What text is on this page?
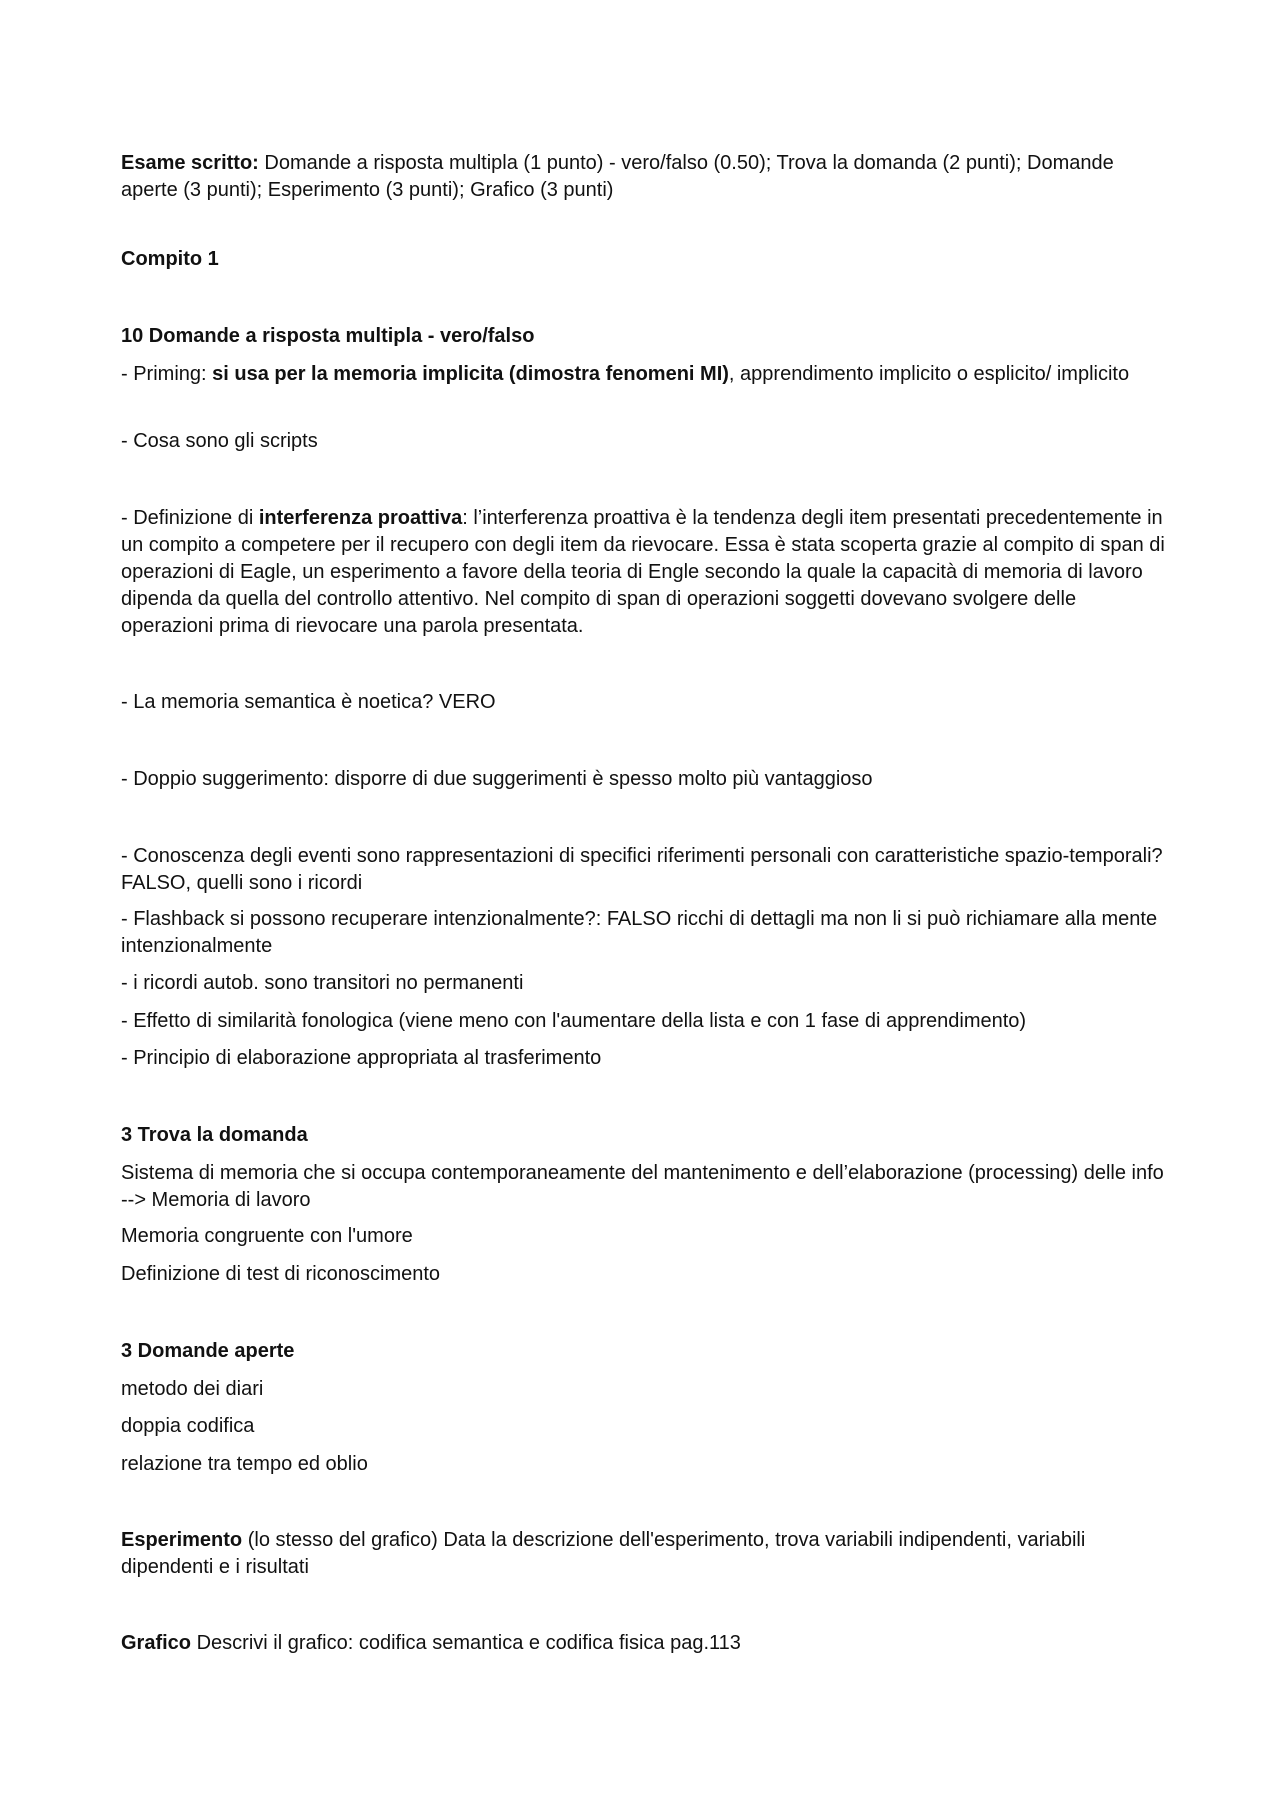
Esame scritto: Domande a risposta multipla (1 punto) - vero/falso (0.50); Trova la domanda (2 punti); Domande aperte (3 punti); Esperimento (3 punti); Grafico (3 punti)

Compito 1

10 Domande a risposta multipla - vero/falso

- Priming: si usa per la memoria implicita (dimostra fenomeni MI), apprendimento implicito o esplicito/ implicito

- Cosa sono gli scripts

- Definizione di interferenza proattiva: l’interferenza proattiva è la tendenza degli item presentati precedentemente in un compito a competere per il recupero con degli item da rievocare. Essa è stata scoperta grazie al compito di span di operazioni di Eagle, un esperimento a favore della teoria di Engle secondo la quale la capacità di memoria di lavoro dipenda da quella del controllo attentivo. Nel compito di span di operazioni soggetti dovevano svolgere delle operazioni prima di rievocare una parola presentata.

- La memoria semantica è noetica? VERO

- Doppio suggerimento: disporre di due suggerimenti è spesso molto più vantaggioso

- Conoscenza degli eventi sono rappresentazioni di specifici riferimenti personali con caratteristiche spazio-temporali? FALSO, quelli sono i ricordi

- Flashback si possono recuperare intenzionalmente?: FALSO ricchi di dettagli ma non li si può richiamare alla mente intenzionalmente

- i ricordi autob. sono transitori no permanenti

- Effetto di similarità fonologica (viene meno con l'aumentare della lista e con 1 fase di apprendimento)

- Principio di elaborazione appropriata al trasferimento

3 Trova la domanda

Sistema di memoria che si occupa contemporaneamente del mantenimento e dell’elaborazione (processing) delle info --> Memoria di lavoro

Memoria congruente con l'umore

Definizione di test di riconoscimento

3 Domande aperte

metodo dei diari

doppia codifica

relazione tra tempo ed oblio

Esperimento (lo stesso del grafico) Data la descrizione dell'esperimento, trova variabili indipendenti, variabili dipendenti e i risultati

Grafico Descrivi il grafico: codifica semantica e codifica fisica pag.113
